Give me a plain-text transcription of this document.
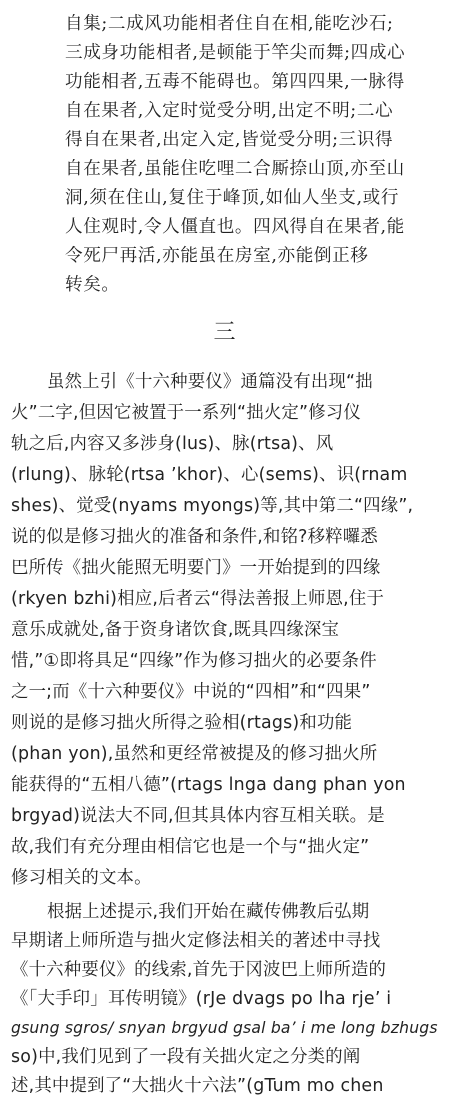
自集;二成风功能相者住自在相,能吃沙石;
三成身功能相者,是顿能于竿尖而舞;四成心
功能相者,五毒不能碍也。第四四果,一脉得
自在果者,入定时觉受分明,出定不明;二心
得自在果者,出定入定,皆觉受分明;三识得
自在果者,虽能住吃哩二合厮捺山顶,亦至山
洞,须在住山,复住于峰顶,如仙人坐支,或行
人住观时,令人僵直也。四风得自在果者,能
令死尸再活,亦能虽在房室,亦能倒正移
转矣。
三
虽然上引《十六种要仪》通篇没有出现“拙
火”二字,但因它被置于一系列“拙火定”修习仪
轨之后,内容又多涉身(lus)、脉(rtsa)、风
(rlung)、脉轮(rtsa ’khor)、心(sems)、识(rnam
shes)、觉受(nyams myongs)等,其中第二“四缘”,
说的似是修习拙火的准备和条件,和铭?移粹囉悉
巴所传《拙火能照无明要门》一开始提到的四缘
(rkyen bzhi)相应,后者云“得法善报上师恩,住于
意乐成就处,备于资身诸饮食,既具四缘深宝
惜,”①即将具足“四缘”作为修习拙火的必要条件
之一;而《十六种要仪》中说的“四相”和“四果”
则说的是修习拙火所得之验相(rtags)和功能
(phan yon),虽然和更经常被提及的修习拙火所
能获得的“五相八德”(rtags lnga dang phan yon
brgyad)说法大不同,但其具体内容互相关联。是
故,我们有充分理由相信它也是一个与“拙火定”
修习相关的文本。
根据上述提示,我们开始在藏传佛教后弘期
早期诸上师所造与拙火定修法相关的著述中寻找
《十六种要仪》的线索,首先于冈波巴上师所造的
《「大手印」耳传明镜》(rJe dvags po lha rje’ i
gsung sgros/ snyan brgyud gsal ba’ i me long bzhugs
so)中,我们见到了一段有关拙火定之分类的阐
述,其中提到了“大拙火十六法”(gTum mo chen
